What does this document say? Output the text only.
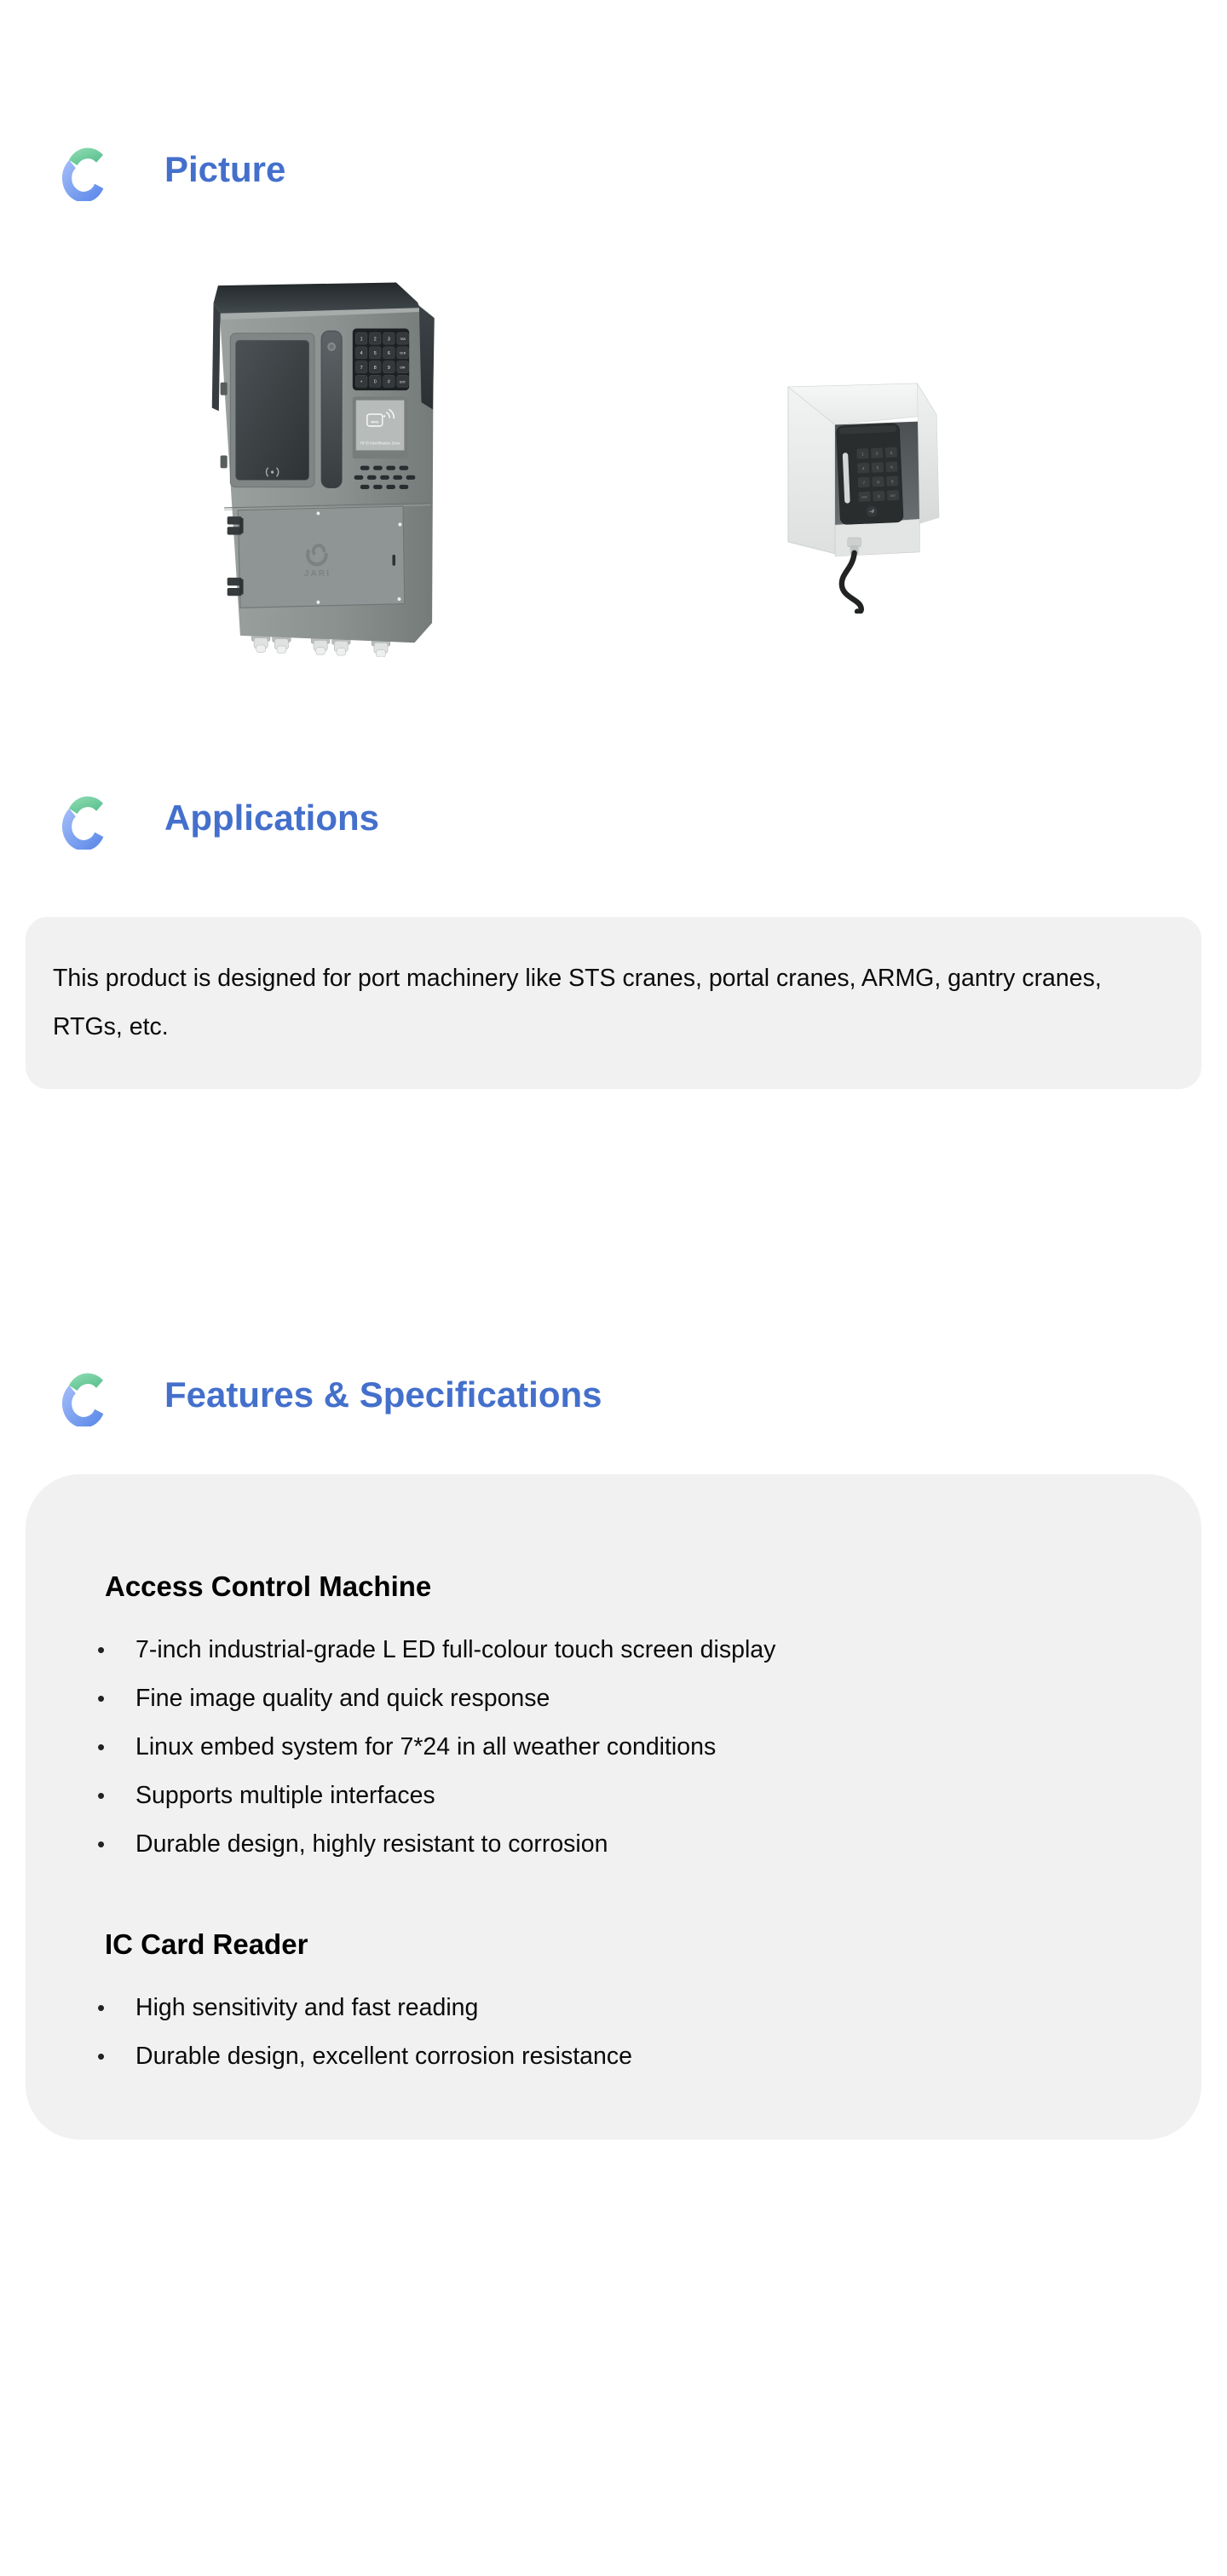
Picture
1 2 3	TAB
4 5 6	CEN
7 8 9	DIR
* 0 #	ENT
RFID
RFID Identification Zone
JARI
1	2	3
4	5	6
7	8	9
ESC	0	ENT
Applications

This product is designed for port machinery like STS cranes, portal cranes, ARMG, gantry cranes, RTGs, etc.

Features & Specifications
Access Control Machine
• 7-inch industrial-grade L ED full-colour touch screen display
• Fine image quality and quick response
• Linux embed system for 7*24 in all weather conditions
• Supports multiple interfaces
• Durable design, highly resistant to corrosion
IC Card Reader
• High sensitivity and fast reading
• Durable design, excellent corrosion resistance
